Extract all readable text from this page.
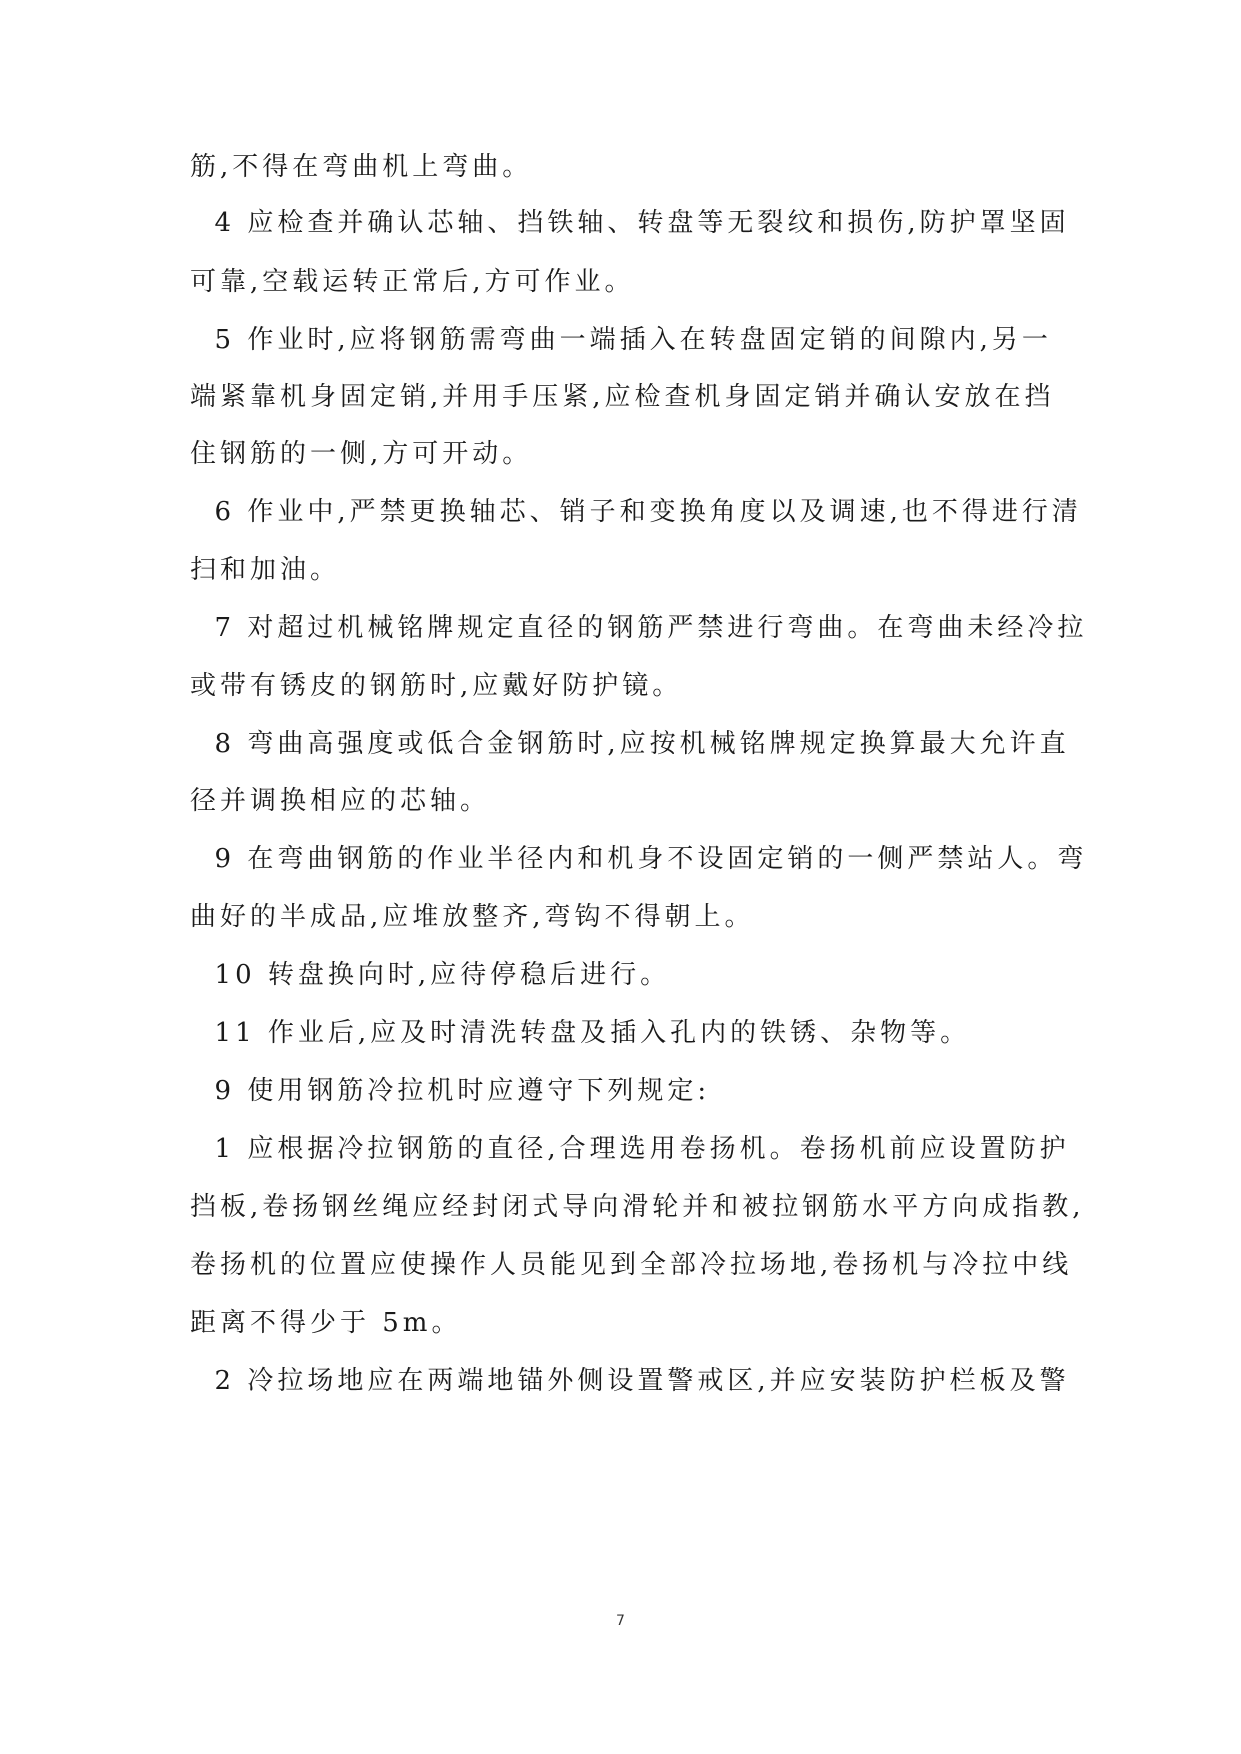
筋,不得在弯曲机上弯曲。
4 应检查并确认芯轴、挡铁轴、转盘等无裂纹和损伤,防护罩坚固
可靠,空载运转正常后,方可作业。
5 作业时,应将钢筋需弯曲一端插入在转盘固定销的间隙内,另一
端紧靠机身固定销,并用手压紧,应检查机身固定销并确认安放在挡
住钢筋的一侧,方可开动。
6 作业中,严禁更换轴芯、销子和变换角度以及调速,也不得进行清
扫和加油。
7 对超过机械铭牌规定直径的钢筋严禁进行弯曲。在弯曲未经冷拉
或带有锈皮的钢筋时,应戴好防护镜。
8 弯曲高强度或低合金钢筋时,应按机械铭牌规定换算最大允许直
径并调换相应的芯轴。
9 在弯曲钢筋的作业半径内和机身不设固定销的一侧严禁站人。弯
曲好的半成品,应堆放整齐,弯钩不得朝上。
10 转盘换向时,应待停稳后进行。
11 作业后,应及时清洗转盘及插入孔内的铁锈、杂物等。
9 使用钢筋冷拉机时应遵守下列规定:
1 应根据冷拉钢筋的直径,合理选用卷扬机。卷扬机前应设置防护
挡板,卷扬钢丝绳应经封闭式导向滑轮并和被拉钢筋水平方向成指教,
卷扬机的位置应使操作人员能见到全部冷拉场地,卷扬机与冷拉中线
距离不得少于 5m。
2 冷拉场地应在两端地锚外侧设置警戒区,并应安装防护栏板及警
7
